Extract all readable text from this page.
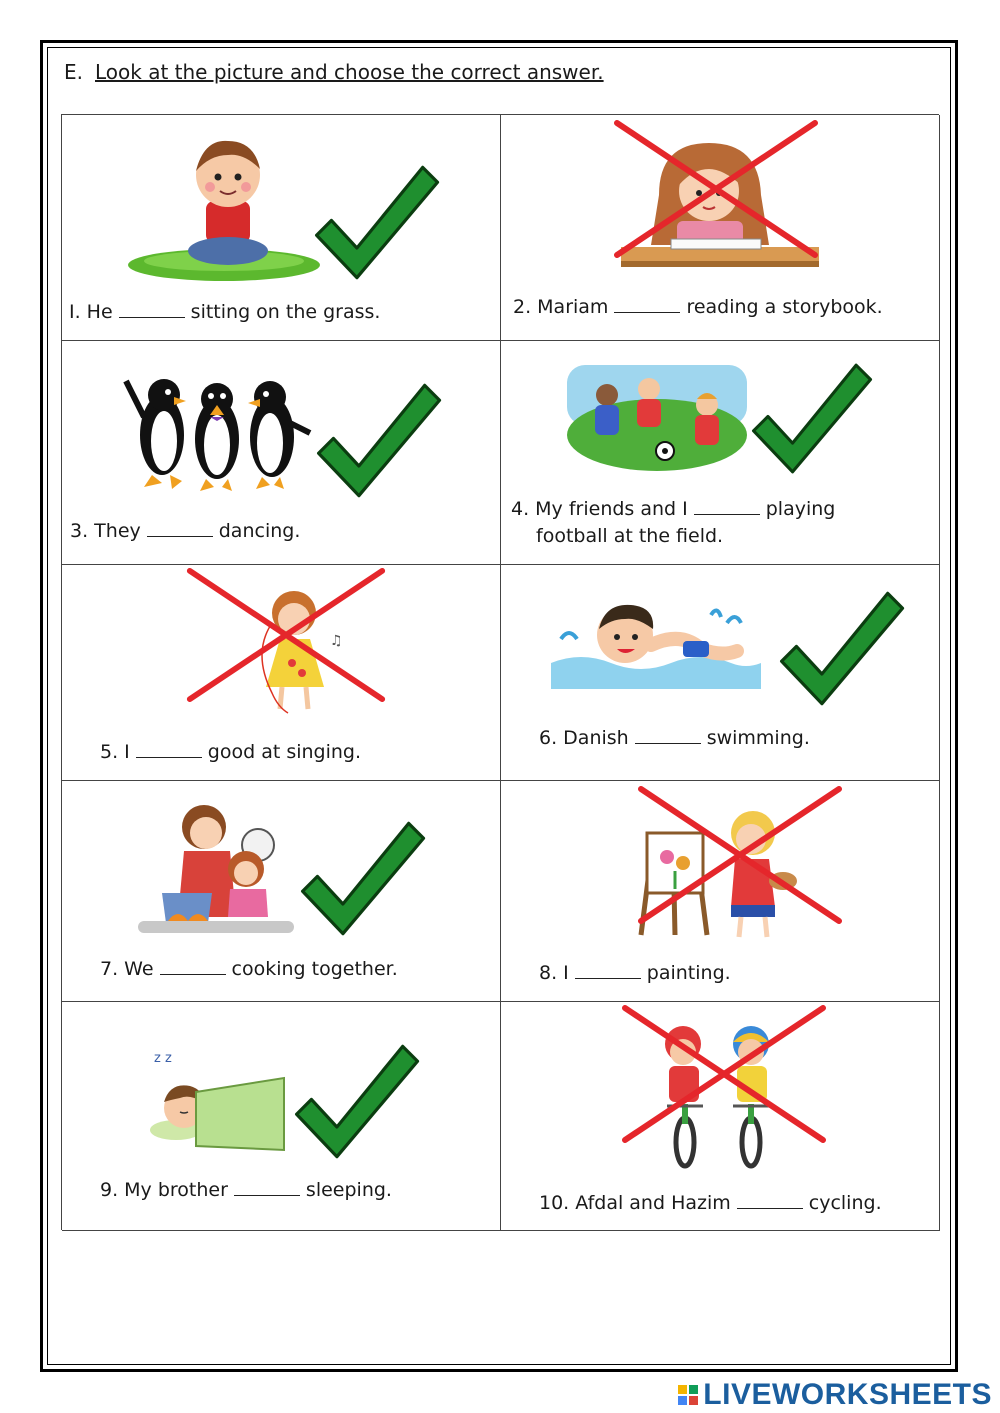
E. Look at the picture and choose the correct answer.
I. He	sitting on the grass.	2. Mariam	reading a storybook.
3. They	dancing.
4. My friends and I	playing
football at the field.
♫
5. I	good at singing.
6. Danish	swimming.
7. We	cooking together.	8. I	painting.
z z
9. My brother	sleeping.
10. Afdal and Hazim	cycling.
LIVEWORKSHEETS
